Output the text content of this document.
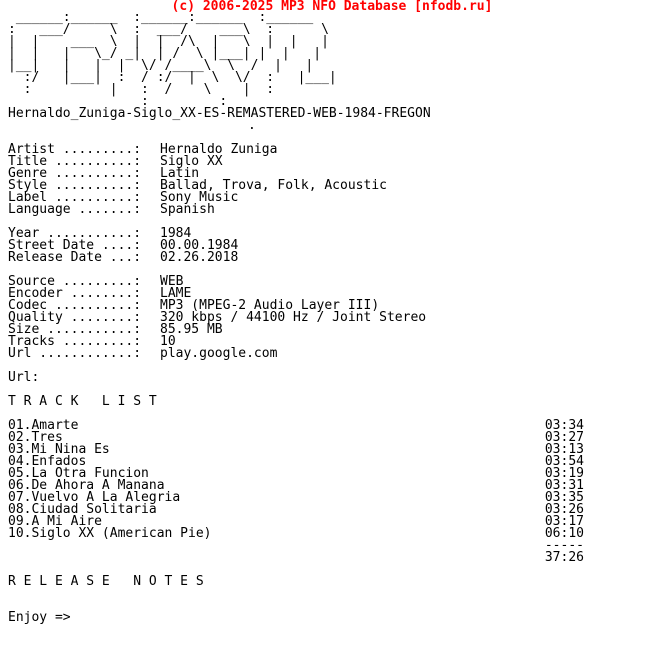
(c) 2006-2025 MP3 NFO Database [nfodb.ru]
______:______  :______:______  :______
:   ___/     \  :  ___/    ___\  :      \
|  |    ___  \  |  |  /\  |   \  |  |   |
|  |   |   \_/ _|  | /  \ |___| |  |   |
|__|   |   |  |  \/ /____\  \  /  |   |
:/   |___|  :  / :/  |  \  \/  :   |___|
:          |   :  /    \    |  :
:         :

Hernaldo_Zuniga-Siglo_XX-ES-REMASTERED-WEB-1984-FREGON
.
Artist .........: Hernaldo Zuniga
Title ..........: Siglo XX
Genre ..........: Latin
Style ..........: Ballad, Trova, Folk, Acoustic
Label ..........: Sony Music
Language .......: Spanish
Year ...........: 1984
Street Date ....: 00.00.1984
Release Date ...: 02.26.2018
Source .........: WEB
Encoder ........: LAME
Codec ..........: MP3 (MPEG-2 Audio Layer III)
Quality ........: 320 kbps / 44100 Hz / Joint Stereo
Size ...........: 85.95 MB
Tracks .........: 10
Url ............: play.google.com
Url:
T R A C K   L I S T
01.Amarte	03:34
02.Tres	03:27
03.Mi Nina Es	03:13
04.Enfados	03:54
05.La Otra Funcion	03:19
06.De Ahora A Manana	03:31
07.Vuelvo A La Alegria	03:35
08.Ciudad Solitaria	03:26
09.A Mi Aire	03:17
10.Siglo XX (American Pie)	06:10
-----
37:26
R E L E A S E   N O T E S
Enjoy =>
